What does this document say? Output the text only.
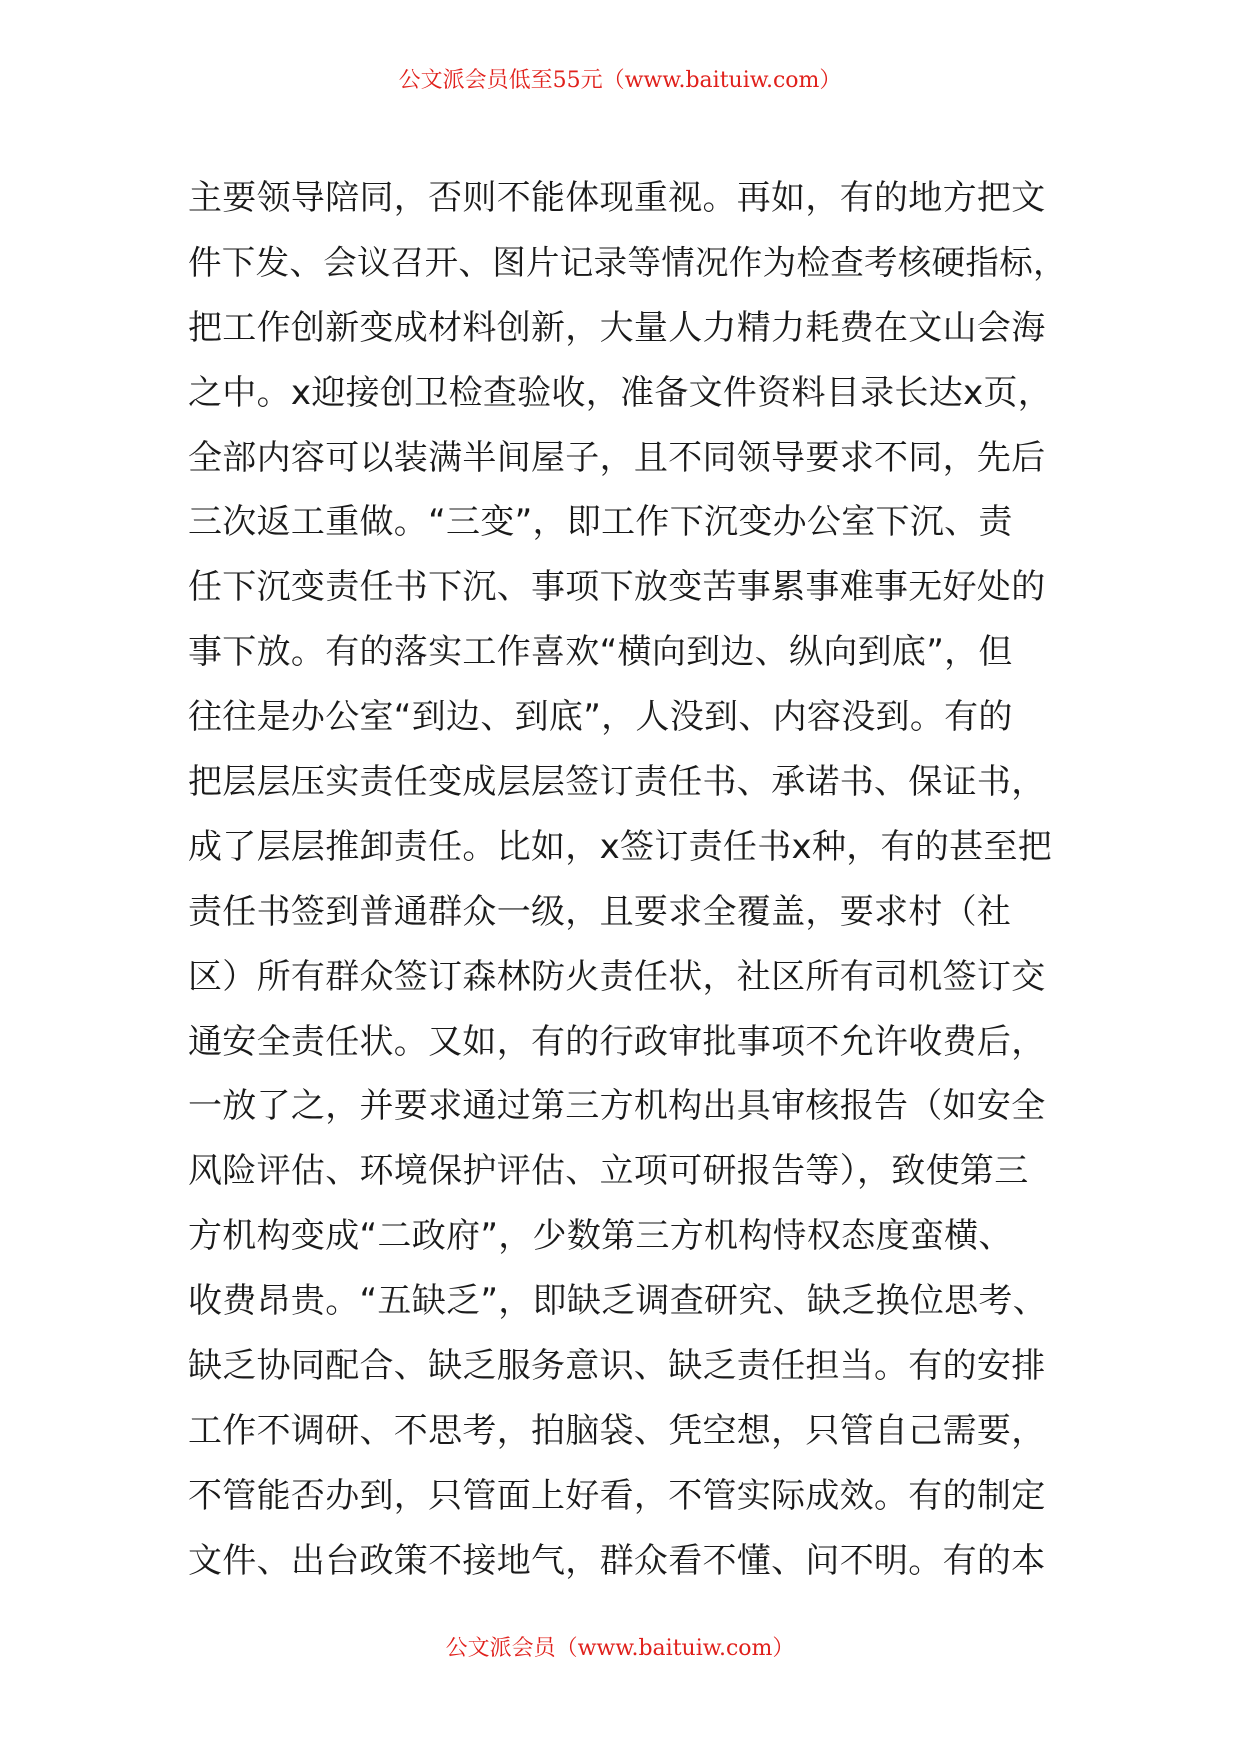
公文派会员低至55元（www.baituiw.com）
主要领导陪同，否则不能体现重视。再如，有的地方把文
件下发、会议召开、图片记录等情况作为检查考核硬指标，
把工作创新变成材料创新，大量人力精力耗费在文山会海
之中。x迎接创卫检查验收，准备文件资料目录长达x页，
全部内容可以装满半间屋子，且不同领导要求不同，先后
三次返工重做。“三变”，即工作下沉变办公室下沉、责
任下沉变责任书下沉、事项下放变苦事累事难事无好处的
事下放。有的落实工作喜欢“横向到边、纵向到底”，但
往往是办公室“到边、到底”，人没到、内容没到。有的
把层层压实责任变成层层签订责任书、承诺书、保证书，
成了层层推卸责任。比如，x签订责任书x种，有的甚至把
责任书签到普通群众一级，且要求全覆盖，要求村（社
区）所有群众签订森林防火责任状，社区所有司机签订交
通安全责任状。又如，有的行政审批事项不允许收费后，
一放了之，并要求通过第三方机构出具审核报告（如安全
风险评估、环境保护评估、立项可研报告等），致使第三
方机构变成“二政府”，少数第三方机构恃权态度蛮横、
收费昂贵。“五缺乏”，即缺乏调查研究、缺乏换位思考、
缺乏协同配合、缺乏服务意识、缺乏责任担当。有的安排
工作不调研、不思考，拍脑袋、凭空想，只管自己需要，
不管能否办到，只管面上好看，不管实际成效。有的制定
文件、出台政策不接地气，群众看不懂、问不明。有的本
公文派会员（www.baituiw.com）
